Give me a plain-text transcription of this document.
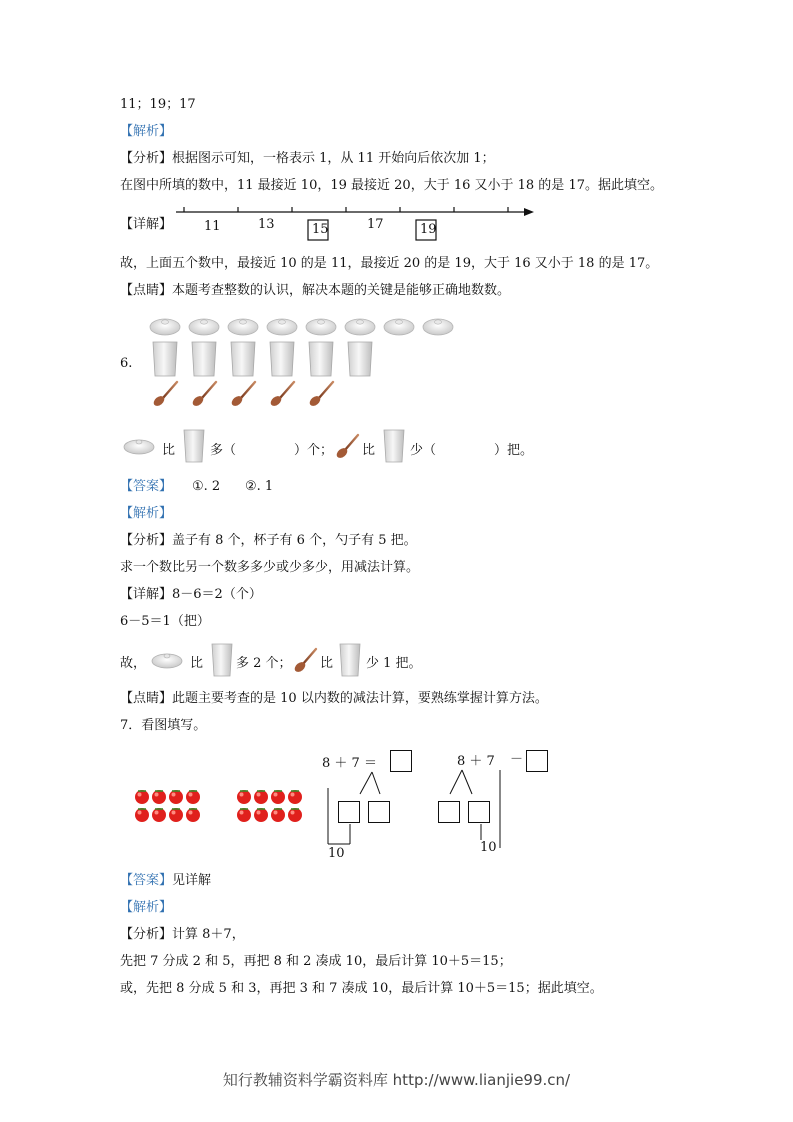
11；19；17
【解析】
【分析】根据图示可知，一格表示 1，从 11 开始向后依次加 1；
在图中所填的数中，11 最接近 10，19 最接近 20，大于 16 又小于 18 的是 17。据此填空。
【详解】 11	13	15	17	19
故，上面五个数中，最接近 10 的是 11，最接近 20 的是 19，大于 16 又小于 18 的是 17。
【点睛】本题考查整数的认识，解决本题的关键是能够正确地数数。
6.
比	多（	）个； 比	少（	）把。
【答案】 ①. 2      ②. 1
【解析】
【分析】盖子有 8 个，杯子有 6 个，勺子有 5 把。
求一个数比另一个数多多少或少多少，用减法计算。
【详解】8－6＝2（个）
6－5＝1（把）
故，	比	多 2 个； 比	少 1 把。
【点睛】此题主要考查的是 10 以内数的减法计算，要熟练掌握计算方法。
7．看图填写。
8 ＋ 7 ＝
10
8 ＋ 7 －
10
【答案】见详解
【解析】
【分析】计算 8＋7，
先把 7 分成 2 和 5，再把 8 和 2 凑成 10，最后计算 10＋5＝15；
或，先把 8 分成 5 和 3，再把 3 和 7 凑成 10，最后计算 10＋5＝15；据此填空。
知行教辅资料学霸资料库 http://www.lianjie99.cn/
